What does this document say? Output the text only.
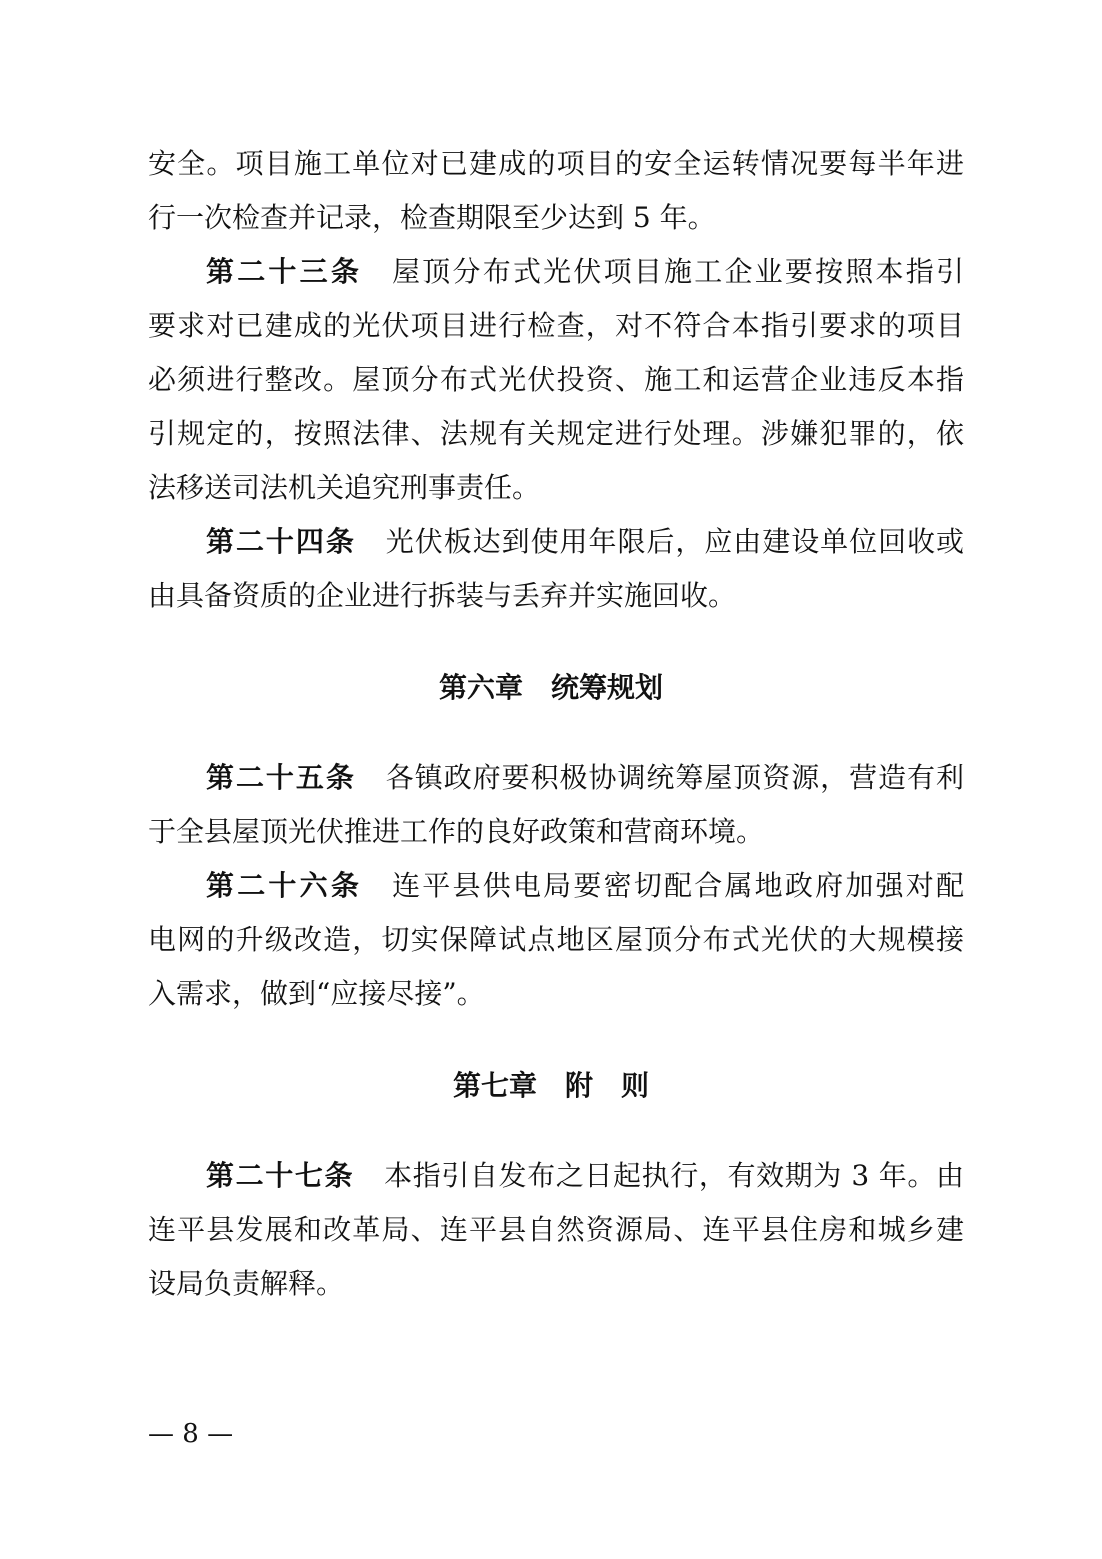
安全。项目施工单位对已建成的项目的安全运转情况要每半年进
行一次检查并记录，检查期限至少达到 5 年。
第二十三条 屋顶分布式光伏项目施工企业要按照本指引
要求对已建成的光伏项目进行检查，对不符合本指引要求的项目
必须进行整改。屋顶分布式光伏投资、施工和运营企业违反本指
引规定的，按照法律、法规有关规定进行处理。涉嫌犯罪的，依
法移送司法机关追究刑事责任。
第二十四条 光伏板达到使用年限后，应由建设单位回收或
由具备资质的企业进行拆装与丢弃并实施回收。
第六章　统筹规划
第二十五条 各镇政府要积极协调统筹屋顶资源，营造有利
于全县屋顶光伏推进工作的良好政策和营商环境。
第二十六条 连平县供电局要密切配合属地政府加强对配
电网的升级改造，切实保障试点地区屋顶分布式光伏的大规模接
入需求，做到“应接尽接”。
第七章　附　则
第二十七条 本指引自发布之日起执行，有效期为 3 年。由
连平县发展和改革局、连平县自然资源局、连平县住房和城乡建
设局负责解释。
— 8 —
